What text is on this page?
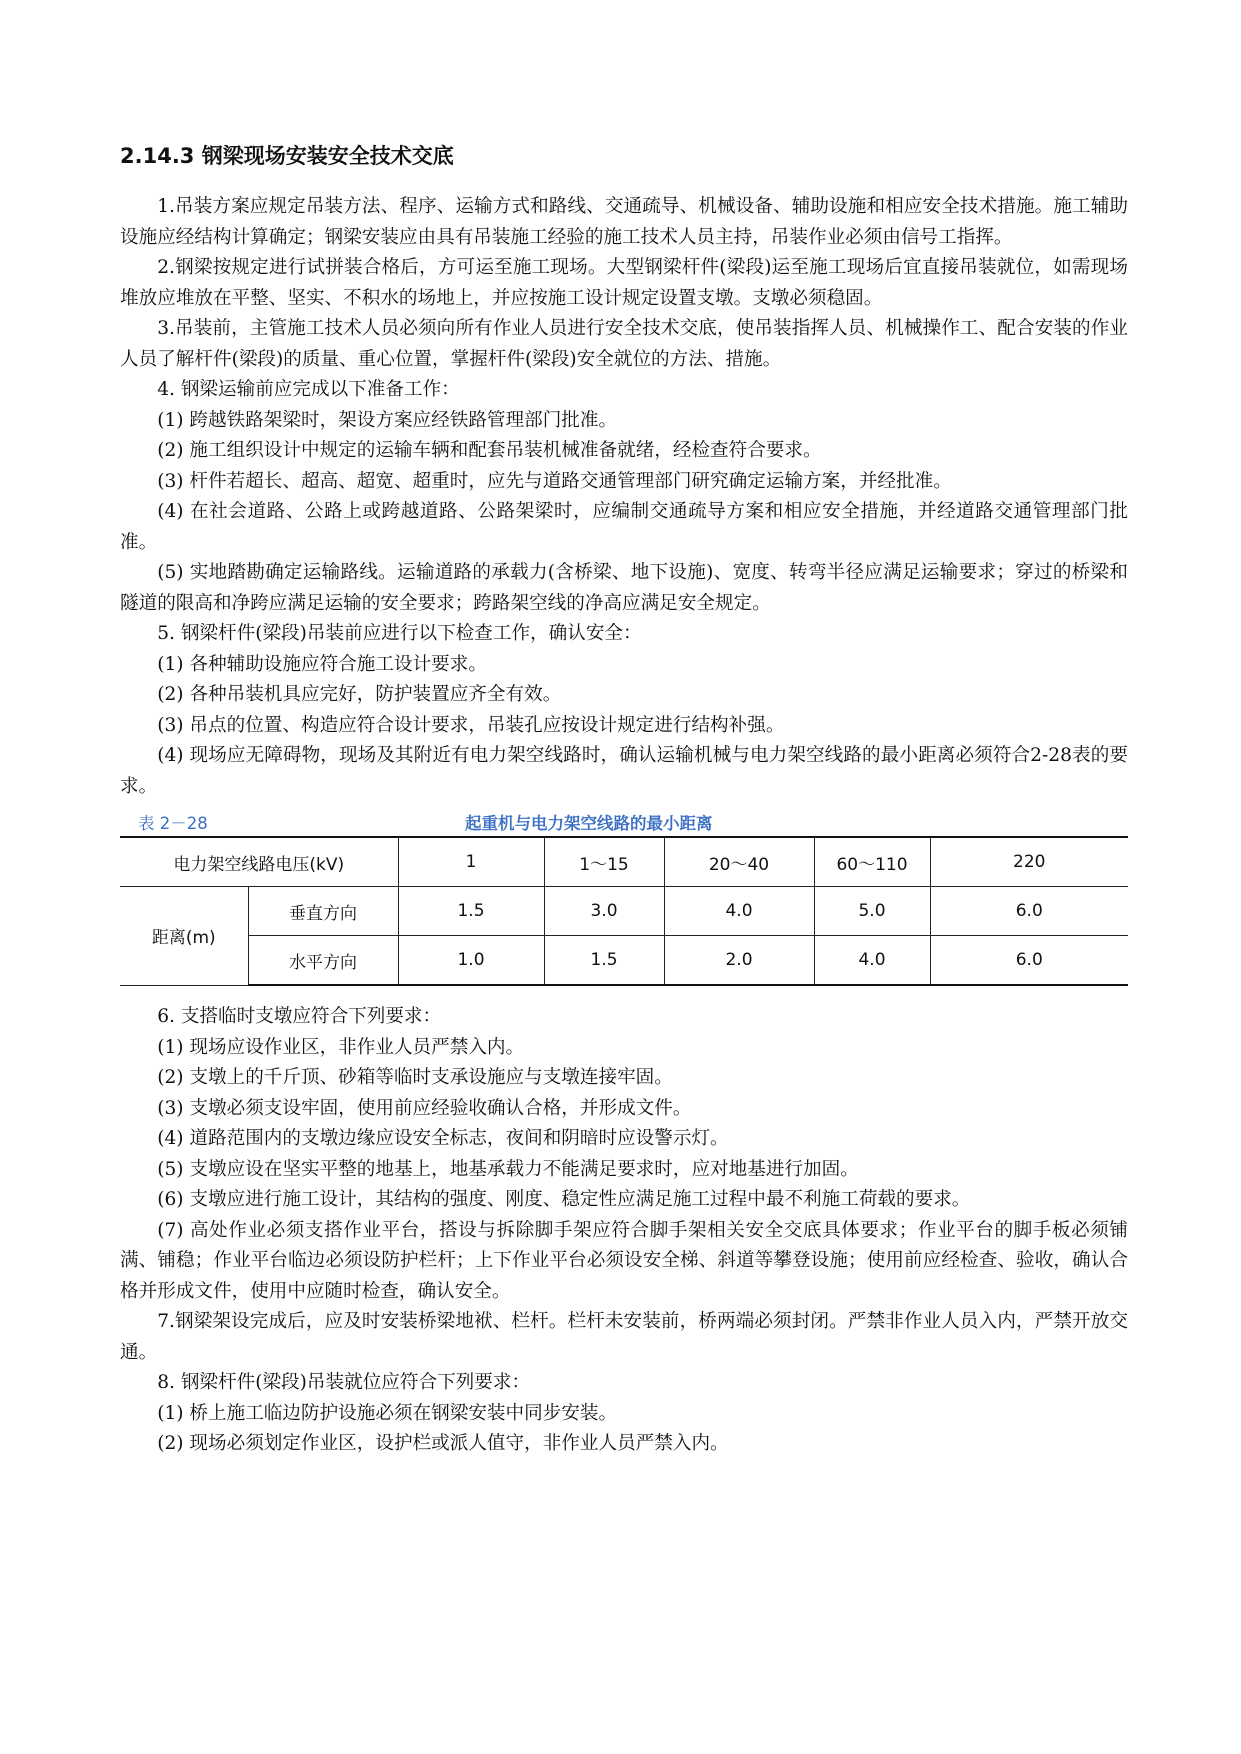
2.14.3 钢梁现场安装安全技术交底

1.吊装方案应规定吊装方法、程序、运输方式和路线、交通疏导、机械设备、辅助设施和相应安全技术措施。施工辅助设施应经结构计算确定；钢梁安装应由具有吊装施工经验的施工技术人员主持，吊装作业必须由信号工指挥。

2.钢梁按规定进行试拼装合格后，方可运至施工现场。大型钢梁杆件(梁段)运至施工现场后宜直接吊装就位，如需现场堆放应堆放在平整、坚实、不积水的场地上，并应按施工设计规定设置支墩。支墩必须稳固。

3.吊装前，主管施工技术人员必须向所有作业人员进行安全技术交底，使吊装指挥人员、机械操作工、配合安装的作业人员了解杆件(梁段)的质量、重心位置，掌握杆件(梁段)安全就位的方法、措施。

4. 钢梁运输前应完成以下准备工作：

(1) 跨越铁路架梁时，架设方案应经铁路管理部门批准。

(2) 施工组织设计中规定的运输车辆和配套吊装机械准备就绪，经检查符合要求。

(3) 杆件若超长、超高、超宽、超重时，应先与道路交通管理部门研究确定运输方案，并经批准。

(4) 在社会道路、公路上或跨越道路、公路架梁时，应编制交通疏导方案和相应安全措施，并经道路交通管理部门批准。

(5) 实地踏勘确定运输路线。运输道路的承载力(含桥梁、地下设施)、宽度、转弯半径应满足运输要求；穿过的桥梁和隧道的限高和净跨应满足运输的安全要求；跨路架空线的净高应满足安全规定。

5. 钢梁杆件(梁段)吊装前应进行以下检查工作，确认安全：

(1) 各种辅助设施应符合施工设计要求。

(2) 各种吊装机具应完好，防护装置应齐全有效。

(3) 吊点的位置、构造应符合设计要求，吊装孔应按设计规定进行结构补强。

(4) 现场应无障碍物，现场及其附近有电力架空线路时，确认运输机械与电力架空线路的最小距离必须符合2-28表的要求。

表 2－28	起重机与电力架空线路的最小距离
电力架空线路电压(kV)		1	1～15	20～40	60～110	220
距离(m)	垂直方向	1.5	3.0	4.0	5.0	6.0
	水平方向	1.0	1.5	2.0	4.0	6.0

6. 支搭临时支墩应符合下列要求：

(1) 现场应设作业区，非作业人员严禁入内。

(2) 支墩上的千斤顶、砂箱等临时支承设施应与支墩连接牢固。

(3) 支墩必须支设牢固，使用前应经验收确认合格，并形成文件。

(4) 道路范围内的支墩边缘应设安全标志，夜间和阴暗时应设警示灯。

(5) 支墩应设在坚实平整的地基上，地基承载力不能满足要求时，应对地基进行加固。

(6) 支墩应进行施工设计，其结构的强度、刚度、稳定性应满足施工过程中最不利施工荷载的要求。

(7) 高处作业必须支搭作业平台，搭设与拆除脚手架应符合脚手架相关安全交底具体要求；作业平台的脚手板必须铺满、铺稳；作业平台临边必须设防护栏杆；上下作业平台必须设安全梯、斜道等攀登设施；使用前应经检查、验收，确认合格并形成文件，使用中应随时检查，确认安全。

7.钢梁架设完成后，应及时安装桥梁地袱、栏杆。栏杆未安装前，桥两端必须封闭。严禁非作业人员入内，严禁开放交通。

8. 钢梁杆件(梁段)吊装就位应符合下列要求：

(1) 桥上施工临边防护设施必须在钢梁安装中同步安装。

(2) 现场必须划定作业区，设护栏或派人值守，非作业人员严禁入内。
